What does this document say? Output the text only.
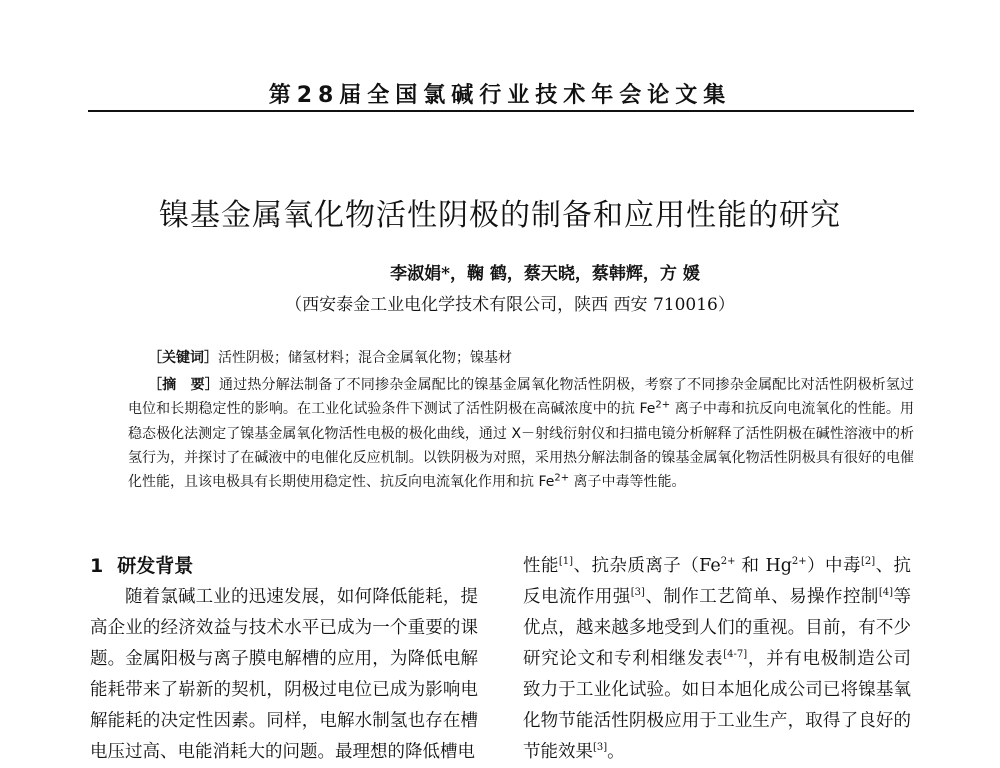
第28届全国氯碱行业技术年会论文集
镍基金属氧化物活性阴极的制备和应用性能的研究
李淑娟*，鞠 鹤，蔡天晓，蔡韩辉，方 媛
（西安泰金工业电化学技术有限公司，陕西 西安 710016）
［关键词］活性阴极；储氢材料；混合金属氧化物；镍基材
［摘　要］通过热分解法制备了不同掺杂金属配比的镍基金属氧化物活性阴极，考察了不同掺杂金属配比对活性阴极析氢过电位和长期稳定性的影响。在工业化试验条件下测试了活性阴极在高碱浓度中的抗 $Fe^{2+}$ 离子中毒和抗反向电流氧化的性能。用稳态极化法测定了镍基金属氧化物活性电极的极化曲线，通过 X－射线衍射仪和扫描电镜分析解释了活性阴极在碱性溶液中的析氢行为，并探讨了在碱液中的电催化反应机制。以铁阴极为对照，采用热分解法制备的镍基金属氧化物活性阴极具有很好的电催化性能，且该电极具有长期使用稳定性、抗反向电流氧化作用和抗 $Fe^{2+}$ 离子中毒等性能。
1 研发背景
随着氯碱工业的迅速发展，如何降低能耗，提高企业的经济效益与技术水平已成为一个重要的课题。金属阳极与离子膜电解槽的应用，为降低电解能耗带来了崭新的契机，阴极过电位已成为影响电解能耗的决定性因素。同样，电解水制氢也存在槽电压过高、电能消耗大的问题。最理想的降低槽电
性能[1]、抗杂质离子（$Fe^{2+}$ 和 $Hg^{2+}$）中毒[2]、抗反电流作用强[3]、制作工艺简单、易操作控制[4]等优点，越来越多地受到人们的重视。目前，有不少研究论文和专利相继发表[4-7]，并有电极制造公司致力于工业化试验。如日本旭化成公司已将镍基氧化物节能活性阴极应用于工业生产，取得了良好的节能效果[3]。
